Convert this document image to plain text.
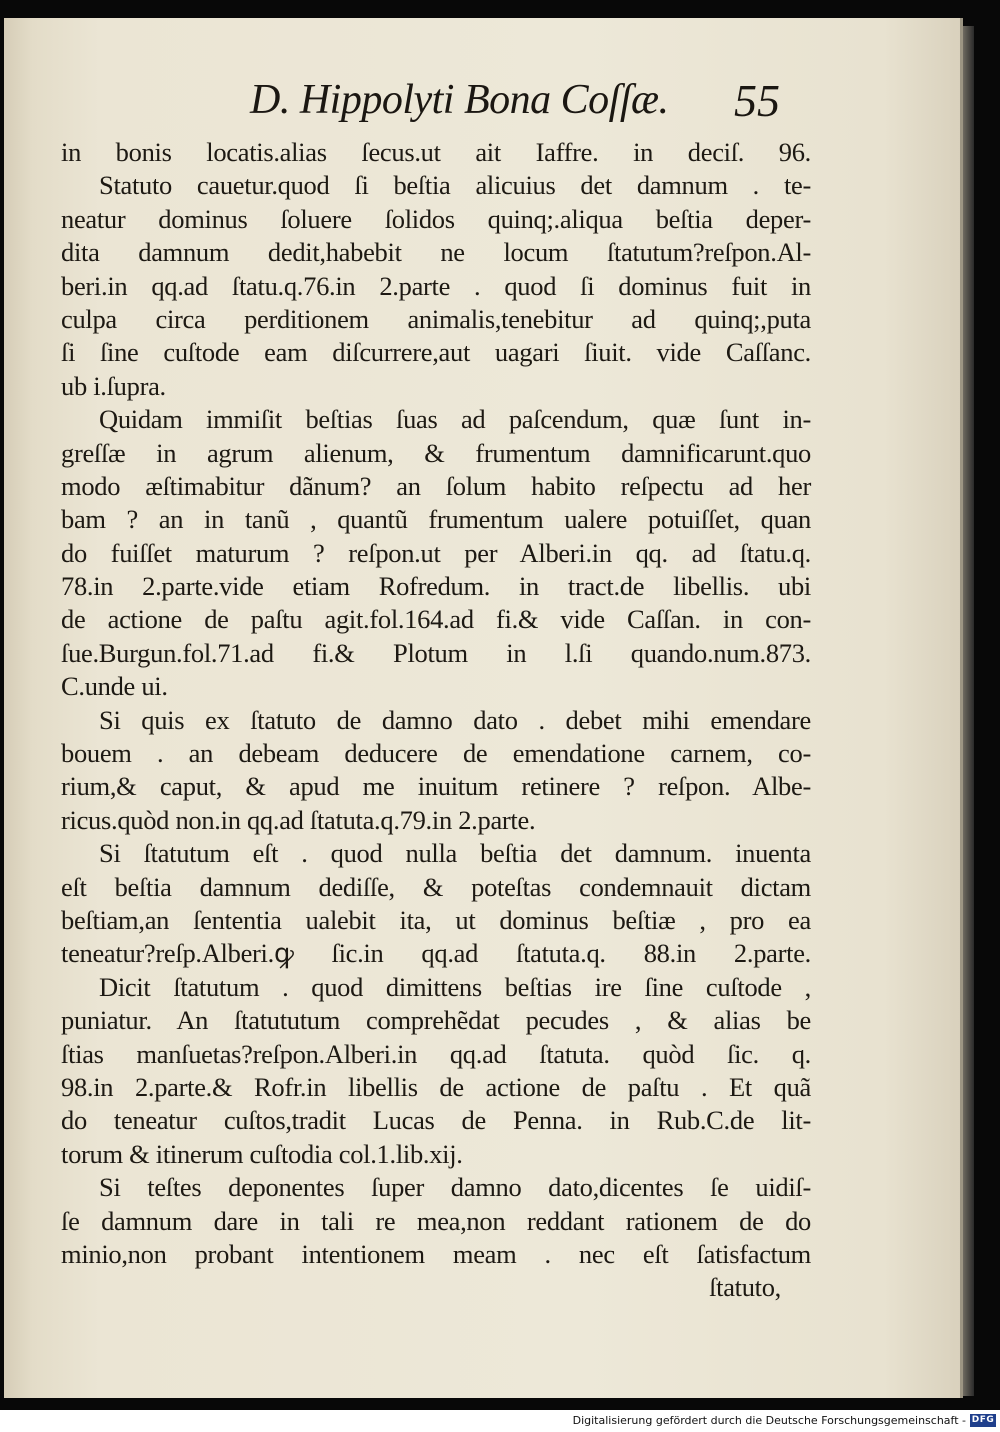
D. Hippolyti Bona Coſſæ. 55
in bonis locatis.alias ſecus.ut ait Iaffre. in deciſ. 96.
Statuto cauetur.quod ſi beſtia alicuius det damnum . te-
neatur dominus ſoluere ſolidos quinq;.aliqua beſtia deper-
dita damnum dedit,habebit ne locum ſtatutum?reſpon.Al-
beri.in qq.ad ſtatu.q.76.in 2.parte . quod ſi dominus fuit in
culpa circa perditionem animalis,tenebitur ad quinq;,puta
ſi ſine cuſtode eam diſcurrere,aut uagari ſiuit. vide Caſſanc.
ub i.ſupra.
Quidam immiſit beſtias ſuas ad paſcendum, quæ ſunt in-
greſſæ in agrum alienum, & frumentum damnificarunt.quo
modo æſtimabitur dãnum? an ſolum habito reſpectu ad her
bam ? an in tanũ , quantũ frumentum ualere potuiſſet, quan
do fuiſſet maturum ? reſpon.ut per Alberi.in qq. ad ſtatu.q.
78.in 2.parte.vide etiam Rofredum. in tract.de libellis. ubi
de actione de paſtu agit.fol.164.ad fi.& vide Caſſan. in con-
ſue.Burgun.fol.71.ad fi.& Plotum in l.ſi quando.num.873.
C.unde ui.
Si quis ex ſtatuto de damno dato . debet mihi emendare
bouem . an debeam deducere de emendatione carnem, co-
rium,& caput, & apud me inuitum retinere ? reſpon. Albe-
ricus.quòd non.in qq.ad ſtatuta.q.79.in 2.parte.
Si ſtatutum eſt . quod nulla beſtia det damnum. inuenta
eſt beſtia damnum dediſſe, & poteſtas condemnauit dictam
beſtiam,an ſententia ualebit ita, ut dominus beſtiæ , pro ea
teneatur?reſp.Alberi.ꝙ ſic.in qq.ad ſtatuta.q. 88.in 2.parte.
Dicit ſtatutum . quod dimittens beſtias ire ſine cuſtode ,
puniatur. An ſtatututum comprehẽdat pecudes , & alias be
ſtias manſuetas?reſpon.Alberi.in qq.ad ſtatuta. quòd ſic. q.
98.in 2.parte.& Rofr.in libellis de actione de paſtu . Et quã
do teneatur cuſtos,tradit Lucas de Penna. in Rub.C.de lit-
torum & itinerum cuſtodia col.1.lib.xij.
Si teſtes deponentes ſuper damno dato,dicentes ſe uidiſ-
ſe damnum dare in tali re mea,non reddant rationem de do
minio,non probant intentionem meam . nec eſt ſatisfactum
ſtatuto,
Digitalisierung gefördert durch die Deutsche Forschungsgemeinschaft - DFG
